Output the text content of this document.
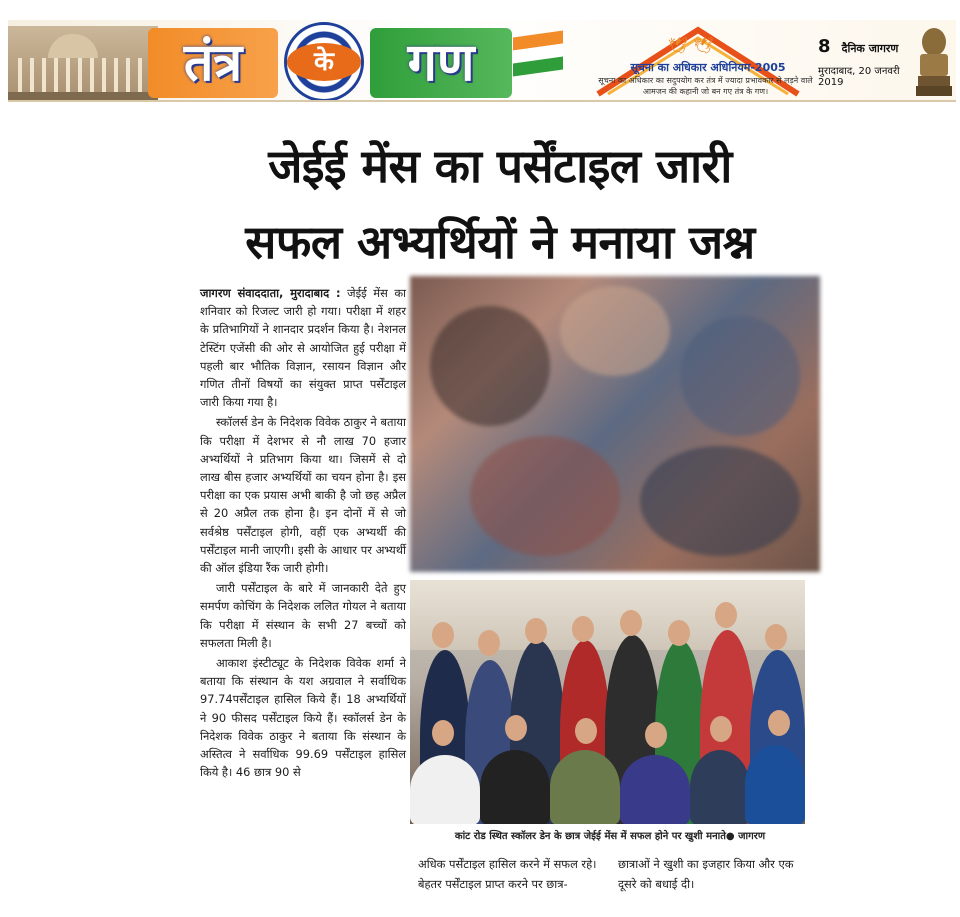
तंत्र	के	गण	🕊 🕊
सूचना का अधिकार अधिनियम-2005
सूचना का अधिकार का सदुपयोग कर तंत्र में ज्यादा प्रभावकार से लड़ने वाले आमजन की कहानी जो बन गए तंत्र के गण।
8 दैनिक जागरण
मुरादाबाद, 20 जनवरी 2019
जेईई मेंस का पर्सेंटाइल जारी
सफल अभ्यर्थियों ने मनाया जश्न

जागरण संवाददाता, मुरादाबाद : जेईई मेंस का शनिवार को रिजल्ट जारी हो गया। परीक्षा में शहर के प्रतिभागियों ने शानदार प्रदर्शन किया है। नेशनल टेस्टिंग एजेंसी की ओर से आयोजित हुई परीक्षा में पहली बार भौतिक विज्ञान, रसायन विज्ञान और गणित तीनों विषयों का संयुक्त प्राप्त पर्सेंटाइल जारी किया गया है।

स्कॉलर्स डेन के निदेशक विवेक ठाकुर ने बताया कि परीक्षा में देशभर से नौ लाख 70 हजार अभ्यर्थियों ने प्रतिभाग किया था। जिसमें से दो लाख बीस हजार अभ्यर्थियों का चयन होना है। इस परीक्षा का एक प्रयास अभी बाकी है जो छह अप्रैल से 20 अप्रैल तक होना है। इन दोनों में से जो सर्वश्रेष्ठ पर्सेंटाइल होगी, वहीं एक अभ्यर्थी की पर्सेंटाइल मानी जाएगी। इसी के आधार पर अभ्यर्थी की ऑल इंडिया रैंक जारी होगी।

जारी पर्सेंटाइल के बारे में जानकारी देते हुए समर्पण कोचिंग के निदेशक ललित गोयल ने बताया कि परीक्षा में संस्थान के सभी 27 बच्चों को सफलता मिली है।

आकाश इंस्टीट्यूट के निदेशक विवेक शर्मा ने बताया कि संस्थान के यश अग्रवाल ने सर्वाधिक 97.74पर्सेंटाइल हासिल किये हैं। 18 अभ्यर्थियों ने 90 फीसद पर्सेंटाइल किये हैं। स्कॉलर्स डेन के निदेशक विवेक ठाकुर ने बताया कि संस्थान के अस्तित्व ने सर्वाधिक 99.69 पर्सेंटाइल हासिल किये है। 46 छात्र 90 से

कांट रोड स्थित स्कॉलर डेन के छात्र जेईई मेंस में सफल होने पर खुशी मनाते● जागरण
अधिक पर्सेंटाइल हासिल करने में सफल रहे। बेहतर पर्सेंटाइल प्राप्त करने पर छात्र-
छात्राओं ने खुशी का इजहार किया और एक दूसरे को बधाई दी।
